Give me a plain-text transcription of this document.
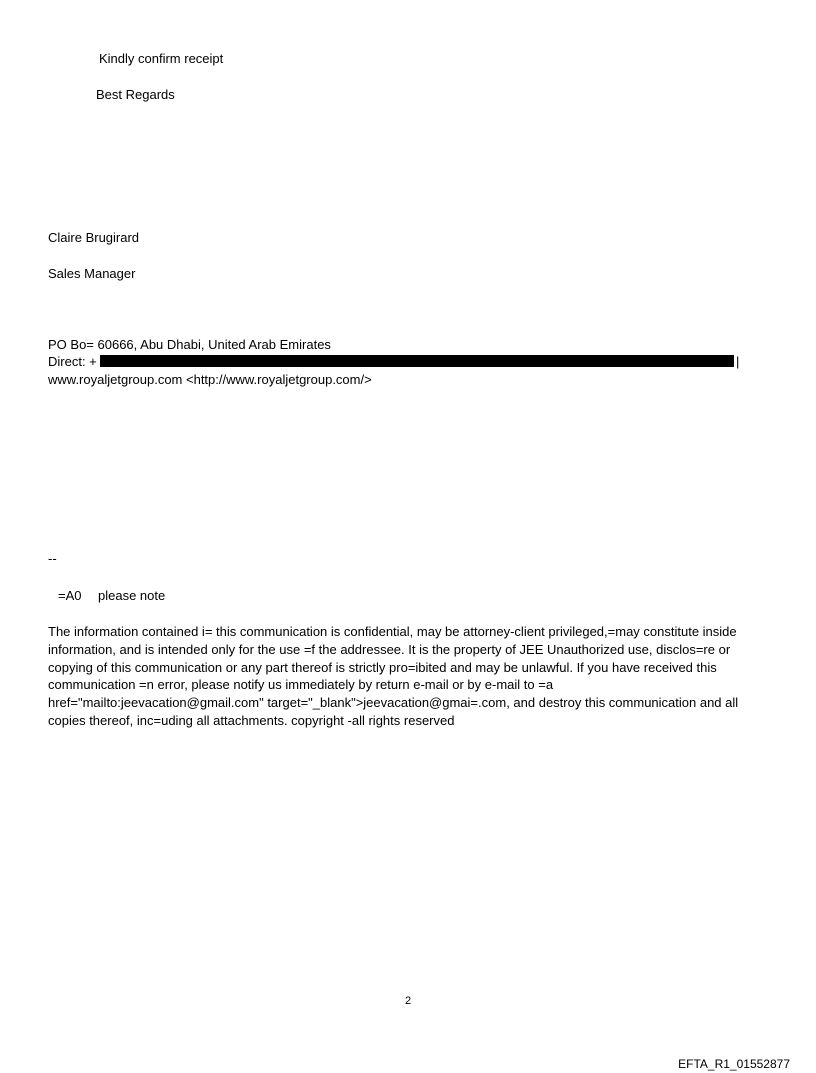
Kindly confirm receipt

Best Regards

Claire Brugirard

Sales Manager

PO Bo= 60666, Abu Dhabi, United Arab Emirates

Direct: +	|

www.royaljetgroup.com <http://www.royaljetgroup.com/>

--

=A0 please note

The information contained i= this communication is confidential, may be attorney-client privileged,=may constitute inside information, and is intended only for the use =f the addressee. It is the property of JEE Unauthorized use, disclos=re or copying of this communication or any part thereof is strictly pro=ibited and may be unlawful. If you have received this communication =n error, please notify us immediately by return e-mail or by e-mail to =a href="mailto:jeevacation@gmail.com" target="_blank">jeevacation@gmai=.com, and destroy this communication and all copies thereof, inc=uding all attachments. copyright -all rights reserved

2

EFTA_R1_01552877
